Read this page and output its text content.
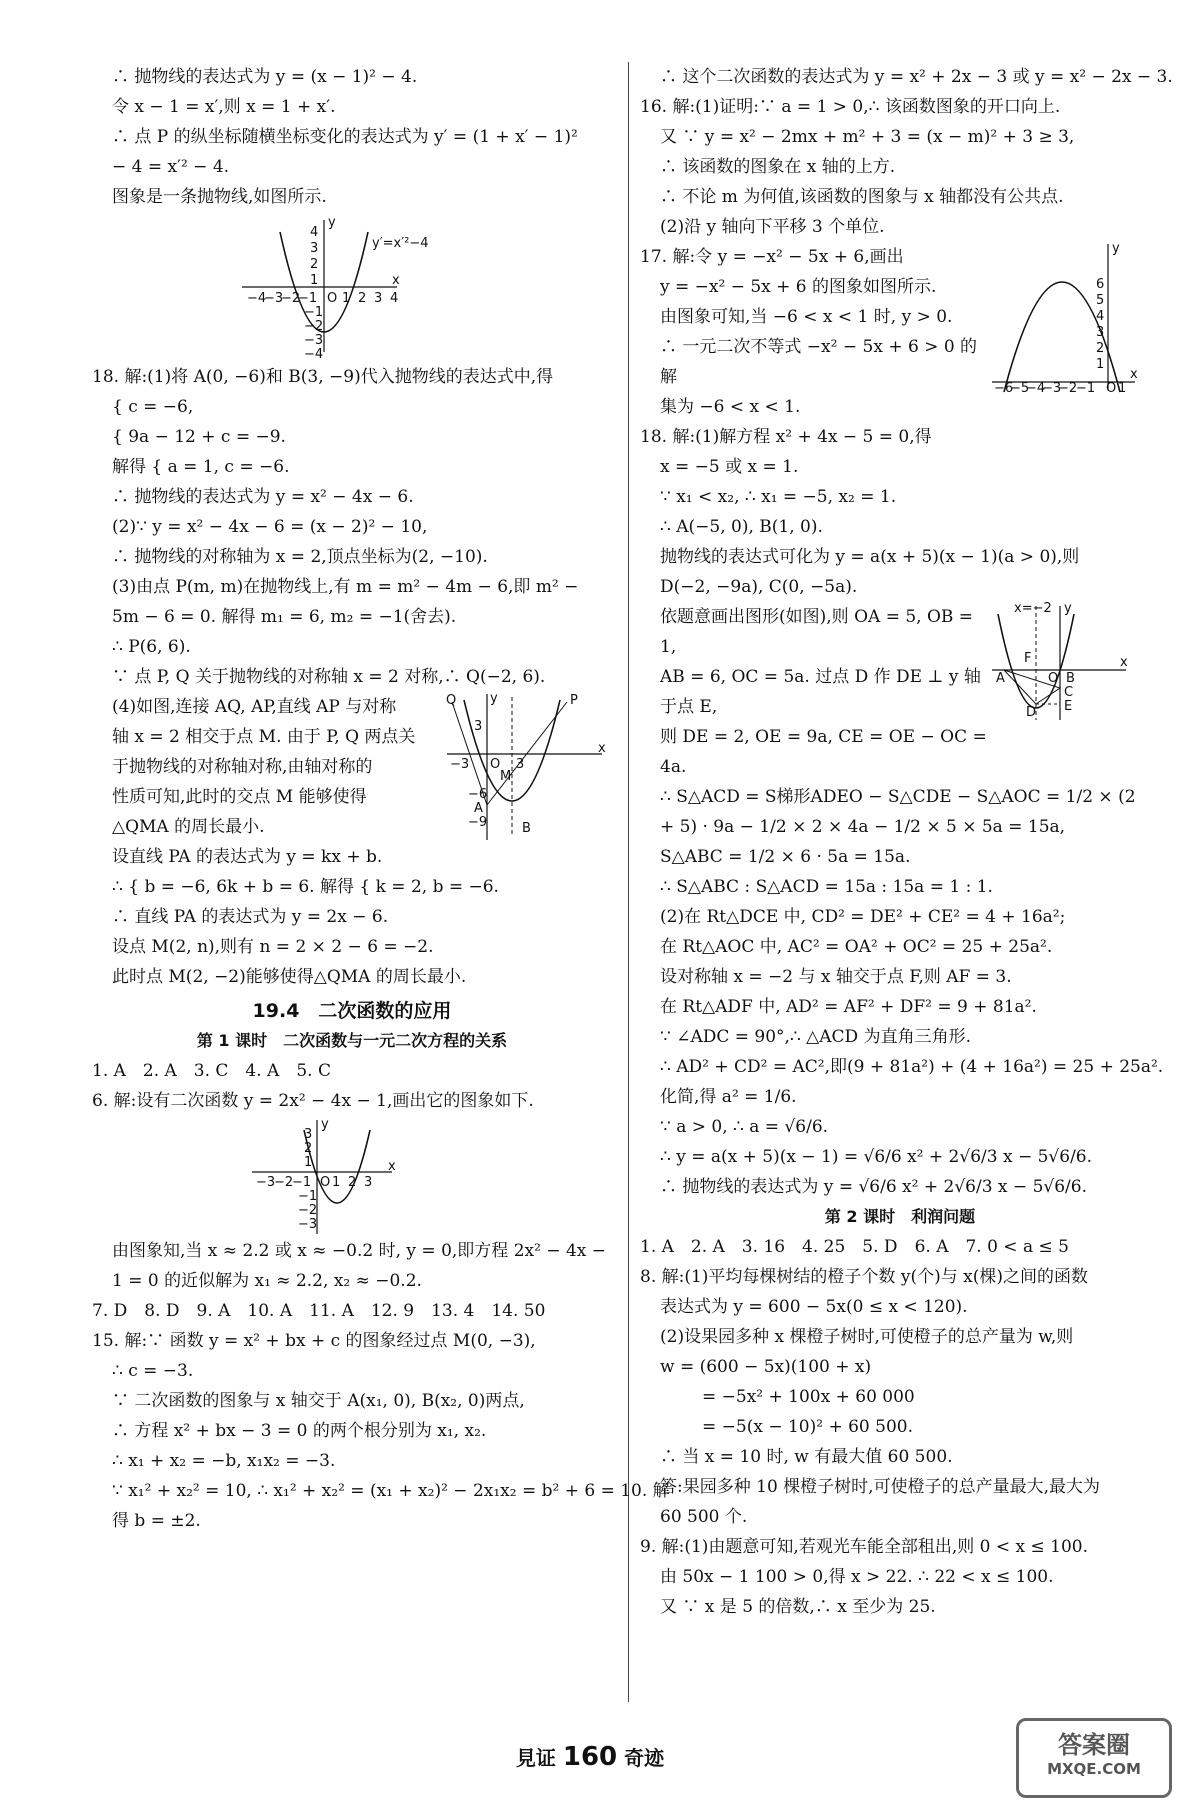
∴ 抛物线的表达式为 y = (x − 1)² − 4.
令 x − 1 = x′,则 x = 1 + x′.
∴ 点 P 的纵坐标随横坐标变化的表达式为 y′ = (1 + x′ − 1)²
− 4 = x′² − 4.
图象是一条抛物线,如图所示.
x
y
O
y′=x′²−4
−4
−3
−2
−1 1 2 3 4
4
3
2
1
−1
−2
−3
−4
18. 解:(1)将 A(0, −6)和 B(3, −9)代入抛物线的表达式中,得
{ c = −6,
{ 9a − 12 + c = −9.
解得 { a = 1, c = −6.
∴ 抛物线的表达式为 y = x² − 4x − 6.
(2)∵ y = x² − 4x − 6 = (x − 2)² − 10,
∴ 抛物线的对称轴为 x = 2,顶点坐标为(2, −10).
(3)由点 P(m, m)在抛物线上,有 m = m² − 4m − 6,即 m² −
5m − 6 = 0. 解得 m₁ = 6, m₂ = −1(舍去).
∴ P(6, 6).
∵ 点 P, Q 关于抛物线的对称轴 x = 2 对称,∴ Q(−2, 6).
(4)如图,连接 AQ, AP,直线 AP 与对称
轴 x = 2 相交于点 M. 由于 P, Q 两点关
于抛物线的对称轴对称,由轴对称的
性质可知,此时的交点 M 能够使得
△QMA 的周长最小.
Q	P
M
A
B
O 3
−3
3
−6
−9
x
y
设直线 PA 的表达式为 y = kx + b.
∴ { b = −6, 6k + b = 6. 解得 { k = 2, b = −6.
∴ 直线 PA 的表达式为 y = 2x − 6.
设点 M(2, n),则有 n = 2 × 2 − 6 = −2.
此时点 M(2, −2)能够使得△QMA 的周长最小.
19.4　二次函数的应用
第 1 课时　二次函数与一元二次方程的关系
1. A　2. A　3. C　4. A　5. C
6. 解:设有二次函数 y = 2x² − 4x − 1,画出它的图象如下.
x
y
O
−3
−2
−1 1 2 3
3
2
1
−1
−2
−3
由图象知,当 x ≈ 2.2 或 x ≈ −0.2 时, y = 0,即方程 2x² − 4x −
1 = 0 的近似解为 x₁ ≈ 2.2, x₂ ≈ −0.2.
7. D　8. D　9. A　10. A　11. A　12. 9　13. 4　14. 50
15. 解:∵ 函数 y = x² + bx + c 的图象经过点 M(0, −3),
∴ c = −3.
∵ 二次函数的图象与 x 轴交于 A(x₁, 0), B(x₂, 0)两点,
∴ 方程 x² + bx − 3 = 0 的两个根分别为 x₁, x₂.
∴ x₁ + x₂ = −b, x₁x₂ = −3.
∵ x₁² + x₂² = 10, ∴ x₁² + x₂² = (x₁ + x₂)² − 2x₁x₂ = b² + 6 = 10. 解
得 b = ±2.
∴ 这个二次函数的表达式为 y = x² + 2x − 3 或 y = x² − 2x − 3.
16. 解:(1)证明:∵ a = 1 > 0,∴ 该函数图象的开口向上.
又 ∵ y = x² − 2mx + m² + 3 = (x − m)² + 3 ≥ 3,
∴ 该函数的图象在 x 轴的上方.
∴ 不论 m 为何值,该函数的图象与 x 轴都没有公共点.
(2)沿 y 轴向下平移 3 个单位.
17. 解:令 y = −x² − 5x + 6,画出
y = −x² − 5x + 6 的图象如图所示.
由图象可知,当 −6 < x < 1 时, y > 0.
∴ 一元二次不等式 −x² − 5x + 6 > 0 的解
集为 −6 < x < 1.
x
y
O
−6
−5
−4
−3
−2
−1 1
6
5
4
3
2
1
18. 解:(1)解方程 x² + 4x − 5 = 0,得
x = −5 或 x = 1.
∵ x₁ < x₂, ∴ x₁ = −5, x₂ = 1.
∴ A(−5, 0), B(1, 0).
抛物线的表达式可化为 y = a(x + 5)(x − 1)(a > 0),则
D(−2, −9a), C(0, −5a).
依题意画出图形(如图),则 OA = 5, OB = 1,
AB = 6, OC = 5a. 过点 D 作 DE ⊥ y 轴于点 E,
则 DE = 2, OE = 9a, CE = OE − OC = 4a.
x=−2
A	O B
C
D E
F	x
y
∴ S△ACD = S梯形ADEO − S△CDE − S△AOC = 1/2 × (2
+ 5) · 9a − 1/2 × 2 × 4a − 1/2 × 5 × 5a = 15a,
S△ABC = 1/2 × 6 · 5a = 15a.
∴ S△ABC : S△ACD = 15a : 15a = 1 : 1.
(2)在 Rt△DCE 中, CD² = DE² + CE² = 4 + 16a²;
在 Rt△AOC 中, AC² = OA² + OC² = 25 + 25a².
设对称轴 x = −2 与 x 轴交于点 F,则 AF = 3.
在 Rt△ADF 中, AD² = AF² + DF² = 9 + 81a².
∵ ∠ADC = 90°,∴ △ACD 为直角三角形.
∴ AD² + CD² = AC²,即(9 + 81a²) + (4 + 16a²) = 25 + 25a².
化简,得 a² = 1/6.
∵ a > 0, ∴ a = √6/6.
∴ y = a(x + 5)(x − 1) = √6/6 x² + 2√6/3 x − 5√6/6.
∴ 抛物线的表达式为 y = √6/6 x² + 2√6/3 x − 5√6/6.
第 2 课时　利润问题
1. A　2. A　3. 16　4. 25　5. D　6. A　7. 0 < a ≤ 5
8. 解:(1)平均每棵树结的橙子个数 y(个)与 x(棵)之间的函数
表达式为 y = 600 − 5x(0 ≤ x < 120).
(2)设果园多种 x 棵橙子树时,可使橙子的总产量为 w,则
w = (600 − 5x)(100 + x)
= −5x² + 100x + 60 000
= −5(x − 10)² + 60 500.
∴ 当 x = 10 时, w 有最大值 60 500.
答:果园多种 10 棵橙子树时,可使橙子的总产量最大,最大为
60 500 个.
9. 解:(1)由题意可知,若观光车能全部租出,则 0 < x ≤ 100.
由 50x − 1 100 > 0,得 x > 22. ∴ 22 < x ≤ 100.
又 ∵ x 是 5 的倍数,∴ x 至少为 25.
見证 160 奇迹	答案圈
MXQE.COM
